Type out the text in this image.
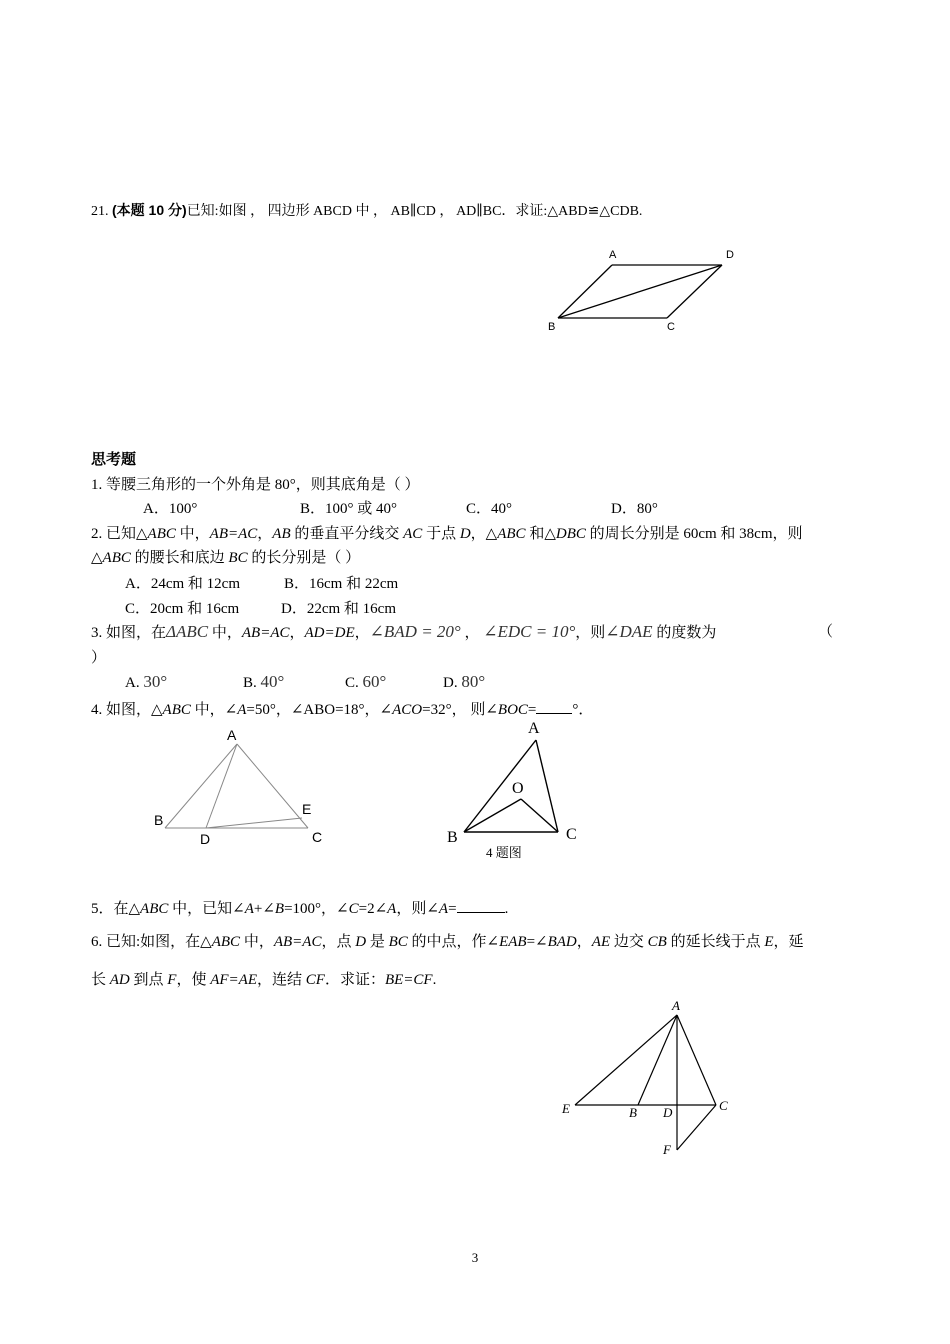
21. (本题 10 分)已知:如图 ， 四边形 ABCD 中 ， AB∥CD ， AD∥BC．求证:△ABD≌△CDB.
A	D
B	C
思考题
1. 等腰三角形的一个外角是 80°，则其底角是（ ）
A．100°	B．100° 或 40°	C．40°	D．80°
2. 已知△ABC 中，AB=AC，AB 的垂直平分线交 AC 于点 D，△ABC 和△DBC 的周长分别是 60cm 和 38cm，则
△ABC 的腰长和底边 BC 的长分别是（ ）
A．24cm 和 12cm	B．16cm 和 22cm
C．20cm 和 16cm	D．22cm 和 16cm
3. 如图，在ΔABC 中，AB=AC，AD=DE，∠BAD = 20° ， ∠EDC = 10°，则∠DAE 的度数为	（
）
A. 30°	B. 40°	C. 60°	D. 80°
4. 如图，△ABC 中，∠A=50°，∠ABO=18°，∠ACO=32°， 则∠BOC= °．
A
B
E
D	C
A
O
B	C
4 题图
5．在△ABC 中，已知∠A+∠B=100°，∠C=2∠A，则∠A=	.
6. 已知:如图，在△ABC 中，AB=AC，点 D 是 BC 的中点，作∠EAB=∠BAD，AE 边交 CB 的延长线于点 E，延
长 AD 到点 F，使 AF=AE，连结 CF．求证：BE=CF.
A
E	B D	C
F
3
